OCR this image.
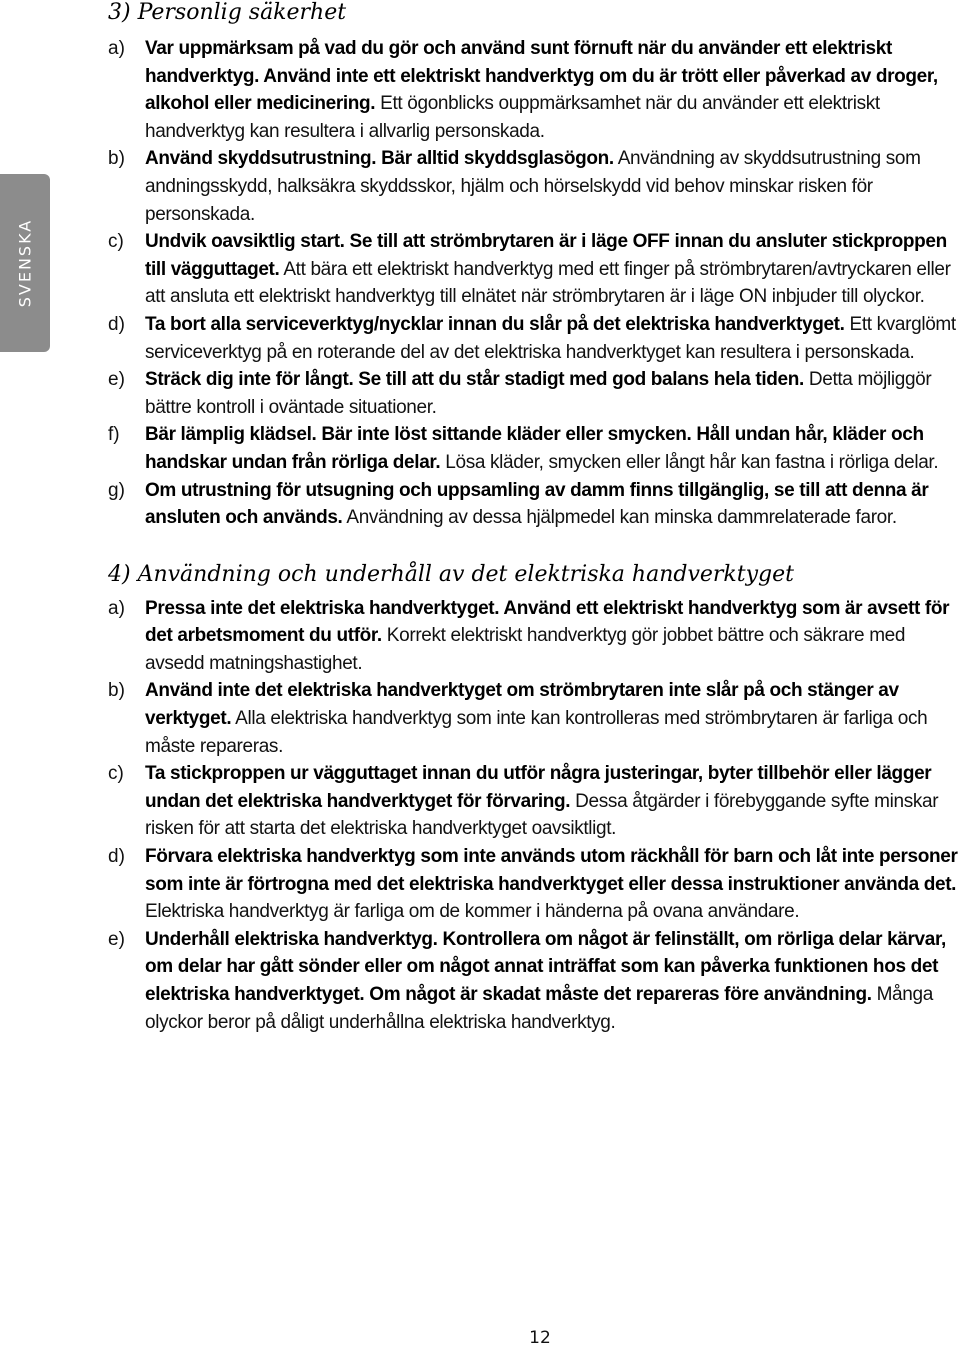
SVENSKA
3) Personlig säkerhet
a) Var uppmärksam på vad du gör och använd sunt förnuft när du använder ett elektriskt handverktyg. Använd inte ett elektriskt handverktyg om du är trött eller påverkad av droger, alkohol eller medicinering. Ett ögonblicks ouppmärksamhet när du använder ett elektriskt handverktyg kan resultera i allvarlig personskada.
b) Använd skyddsutrustning. Bär alltid skyddsglasögon. Användning av skyddsutrustning som andningsskydd, halksäkra skyddsskor, hjälm och hörselskydd vid behov minskar risken för personskada.
c) Undvik oavsiktlig start. Se till att strömbrytaren är i läge OFF innan du ansluter stickproppen till vägguttaget. Att bära ett elektriskt handverktyg med ett finger på strömbrytaren/avtryckaren eller att ansluta ett elektriskt handverktyg till elnätet när strömbrytaren är i läge ON inbjuder till olyckor.
d) Ta bort alla serviceverktyg/nycklar innan du slår på det elektriska handverktyget. Ett kvarglömt serviceverktyg på en roterande del av det elektriska handverktyget kan resultera i personskada.
e) Sträck dig inte för långt. Se till att du står stadigt med god balans hela tiden. Detta möjliggör bättre kontroll i oväntade situationer.
f) Bär lämplig klädsel. Bär inte löst sittande kläder eller smycken. Håll undan hår, kläder och handskar undan från rörliga delar. Lösa kläder, smycken eller långt hår kan fastna i rörliga delar.
g) Om utrustning för utsugning och uppsamling av damm finns tillgänglig, se till att denna är ansluten och används. Användning av dessa hjälpmedel kan minska dammrelaterade faror.
4) Användning och underhåll av det elektriska handverktyget
a) Pressa inte det elektriska handverktyget. Använd ett elektriskt handverktyg som är avsett för det arbetsmoment du utför. Korrekt elektriskt handverktyg gör jobbet bättre och säkrare med avsedd matningshastighet.
b) Använd inte det elektriska handverktyget om strömbrytaren inte slår på och stänger av verktyget. Alla elektriska handverktyg som inte kan kontrolleras med strömbrytaren är farliga och måste repareras.
c) Ta stickproppen ur vägguttaget innan du utför några justeringar, byter tillbehör eller lägger undan det elektriska handverktyget för förvaring. Dessa åtgärder i förebyggande syfte minskar risken för att starta det elektriska handverktyget oavsiktligt.
d) Förvara elektriska handverktyg som inte används utom räckhåll för barn och låt inte personer som inte är förtrogna med det elektriska handverktyget eller dessa instruktioner använda det. Elektriska handverktyg är farliga om de kommer i händerna på ovana användare.
e) Underhåll elektriska handverktyg. Kontrollera om något är felinställt, om rörliga delar kärvar, om delar har gått sönder eller om något annat inträffat som kan påverka funktionen hos det elektriska handverktyget. Om något är skadat måste det repareras före användning. Många olyckor beror på dåligt underhållna elektriska handverktyg.
12
